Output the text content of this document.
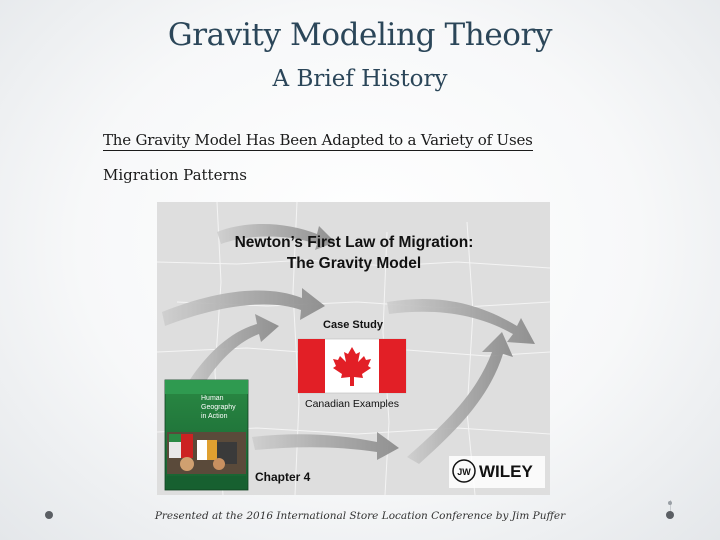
Gravity Modeling Theory
A Brief History
The Gravity Model Has Been Adapted to a Variety of Uses
Migration Patterns
Newton’s First Law of Migration:
The Gravity Model
Case Study
Canadian Examples
Human
Geography
in Action
Chapter 4	JW WILEY
Presented at the 2016 International Store Location Conference by Jim Puffer
